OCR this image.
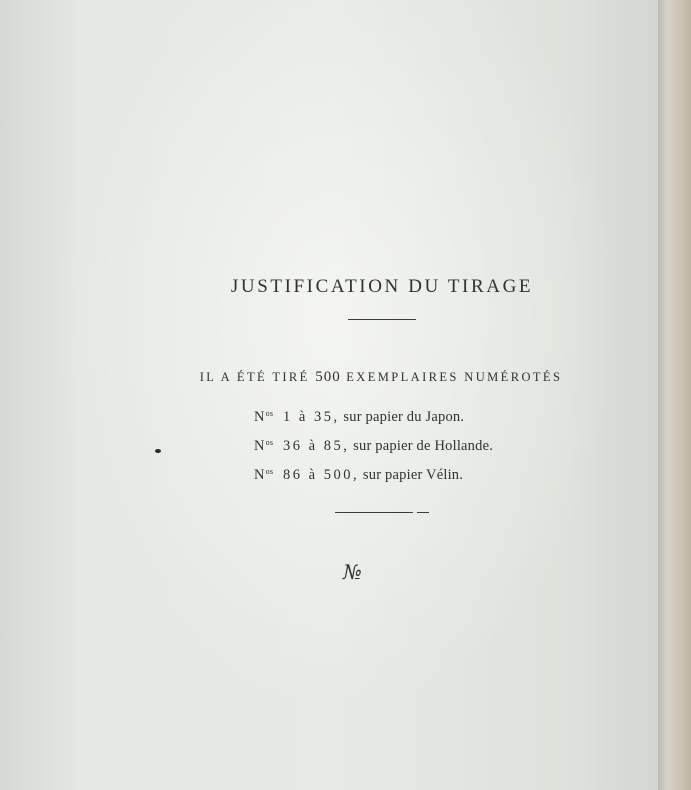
JUSTIFICATION DU TIRAGE
IL A ÉTÉ TIRÉ 500 EXEMPLAIRES NUMÉROTÉS
$N^{os}$ 1 à 35, sur papier du Japon.
$N^{os}$ 36 à 85, sur papier de Hollande.
$N^{os}$ 86 à 500, sur papier Vélin.
№
